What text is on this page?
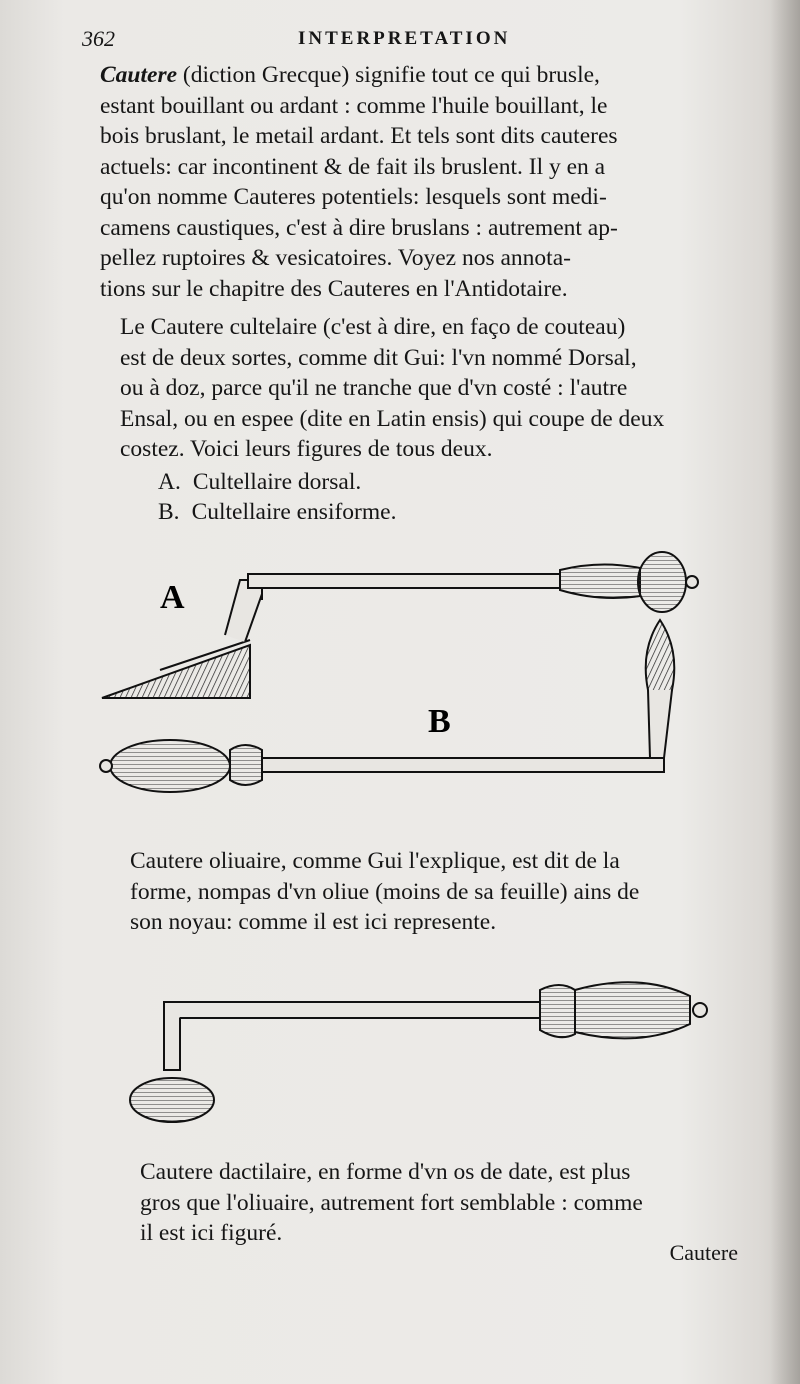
362	INTERPRETATION

Cautere (diction Grecque) signifie tout ce qui brusle,

estant bouillant ou ardant : comme l'huile bouillant, le

bois bruslant, le metail ardant. Et tels sont dits cauteres

actuels: car incontinent & de fait ils bruslent. Il y en a

qu'on nomme Cauteres potentiels: lesquels sont medi-

camens caustiques, c'est à dire bruslans : autrement ap-

pellez ruptoires & vesicatoires. Voyez nos annota-

tions sur le chapitre des Cauteres en l'Antidotaire.

Le Cautere cultelaire (c'est à dire, en faço de couteau)

est de deux sortes, comme dit Gui: l'vn nommé Dorsal,

ou à doz, parce qu'il ne tranche que d'vn costé : l'autre

Ensal, ou en espee (dite en Latin ensis) qui coupe de deux

costez. Voici leurs figures de tous deux.

A. Cultellaire dorsal.
B. Cultellaire ensiforme.
A
B

Cautere oliuaire, comme Gui l'explique, est dit de la

forme, nompas d'vn oliue (moins de sa feuille) ains de

son noyau: comme il est ici represente.

Cautere dactilaire, en forme d'vn os de date, est plus

gros que l'oliuaire, autrement fort semblable : comme

il est ici figuré.

Cautere
